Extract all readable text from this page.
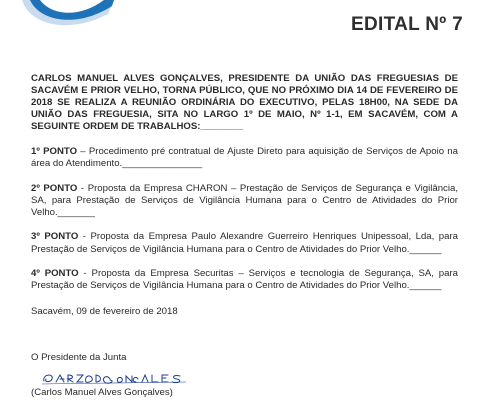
EDITAL Nº 7
CARLOS MANUEL ALVES GONÇALVES, PRESIDENTE DA UNIÃO DAS FREGUESIAS DE SACAVÉM E PRIOR VELHO, TORNA PÚBLICO, QUE NO PRÓXIMO DIA 14 DE FEVEREIRO DE 2018 SE REALIZA A REUNIÃO ORDINÁRIA DO EXECUTIVO, PELAS 18H00, NA SEDE DA UNIÃO DAS FREGUESIA, SITA NO LARGO 1º DE MAIO, Nº 1-1, EM SACAVÉM, COM A SEGUINTE ORDEM DE TRABALHOS:________

1º PONTO – Procedimento pré contratual de Ajuste Direto para aquisição de Serviços de Apoio na área do Atendimento._______________

2º PONTO - Proposta da Empresa CHARON – Prestação de Serviços de Segurança e Vigilância, SA, para Prestação de Serviços de Vigilância Humana para o Centro de Atividades do Prior Velho._______

3º PONTO - Proposta da Empresa Paulo Alexandre Guerreiro Henriques Unipessoal, Lda, para Prestação de Serviços de Vigilância Humana para o Centro de Atividades do Prior Velho.______

4º PONTO - Proposta da Empresa Securitas – Serviços e tecnologia de Segurança, SA, para Prestação de Serviços de Vigilância Humana para o Centro de Atividades do Prior Velho.______

Sacavém, 09 de fevereiro de 2018
O Presidente da Junta
(Carlos Manuel Alves Gonçalves)
